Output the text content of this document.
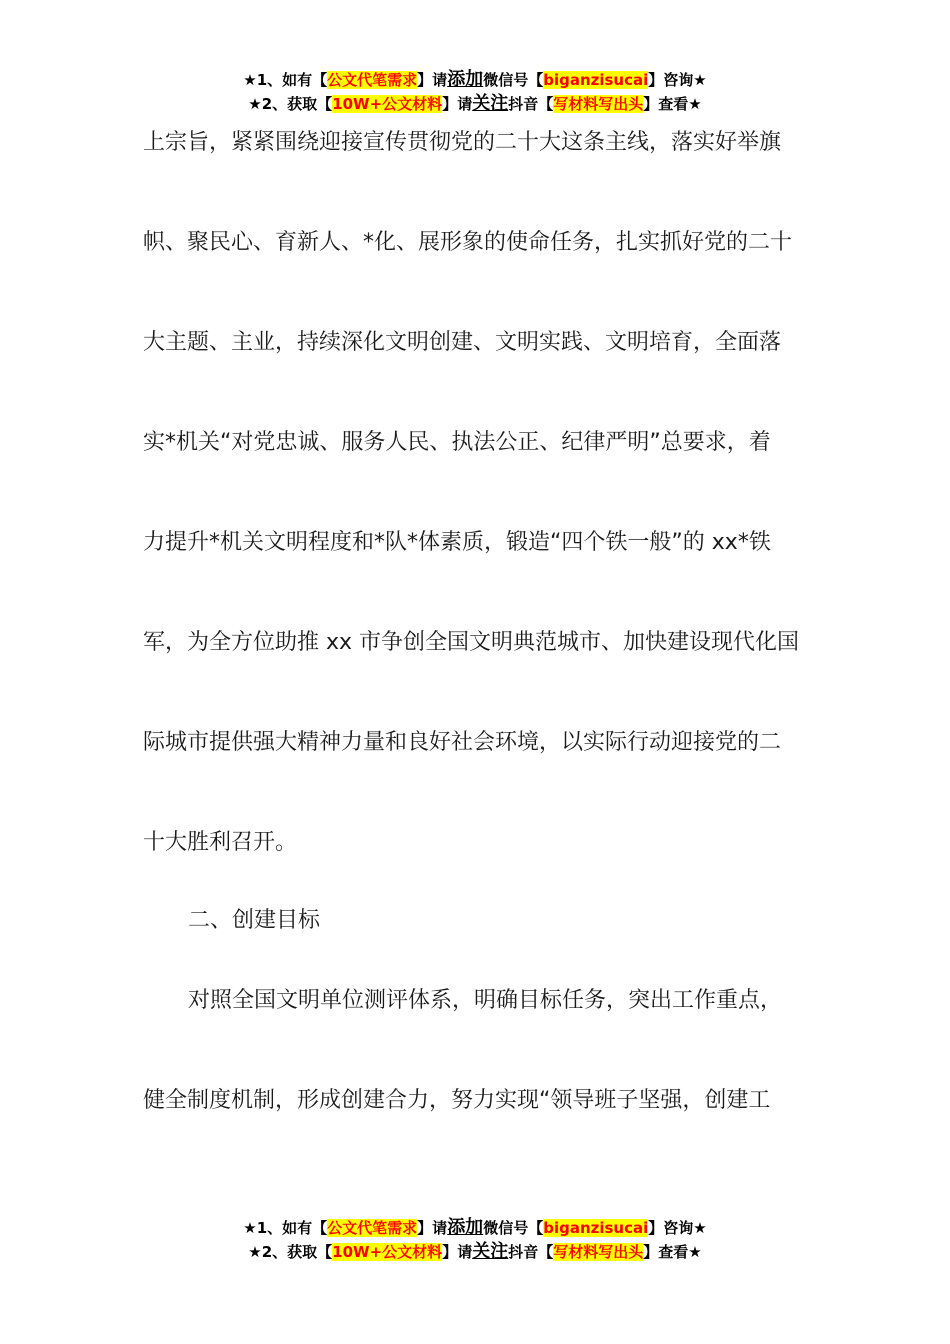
★1、如有【公文代笔需求】请添加微信号【biganzisucai】咨询★
★2、获取【10W+公文材料】请关注抖音【写材料写出头】查看★
上宗旨，紧紧围绕迎接宣传贯彻党的二十大这条主线，落实好举旗
帜、聚民心、育新人、*化、展形象的使命任务，扎实抓好党的二十
大主题、主业，持续深化文明创建、文明实践、文明培育，全面落
实*机关“对党忠诚、服务人民、执法公正、纪律严明”总要求，着
力提升*机关文明程度和*队*体素质，锻造“四个铁一般”的 xx*铁
军，为全方位助推 xx 市争创全国文明典范城市、加快建设现代化国
际城市提供强大精神力量和良好社会环境，以实际行动迎接党的二
十大胜利召开。
二、创建目标
对照全国文明单位测评体系，明确目标任务，突出工作重点，
健全制度机制，形成创建合力，努力实现“领导班子坚强，创建工
★1、如有【公文代笔需求】请添加微信号【biganzisucai】咨询★
★2、获取【10W+公文材料】请关注抖音【写材料写出头】查看★
